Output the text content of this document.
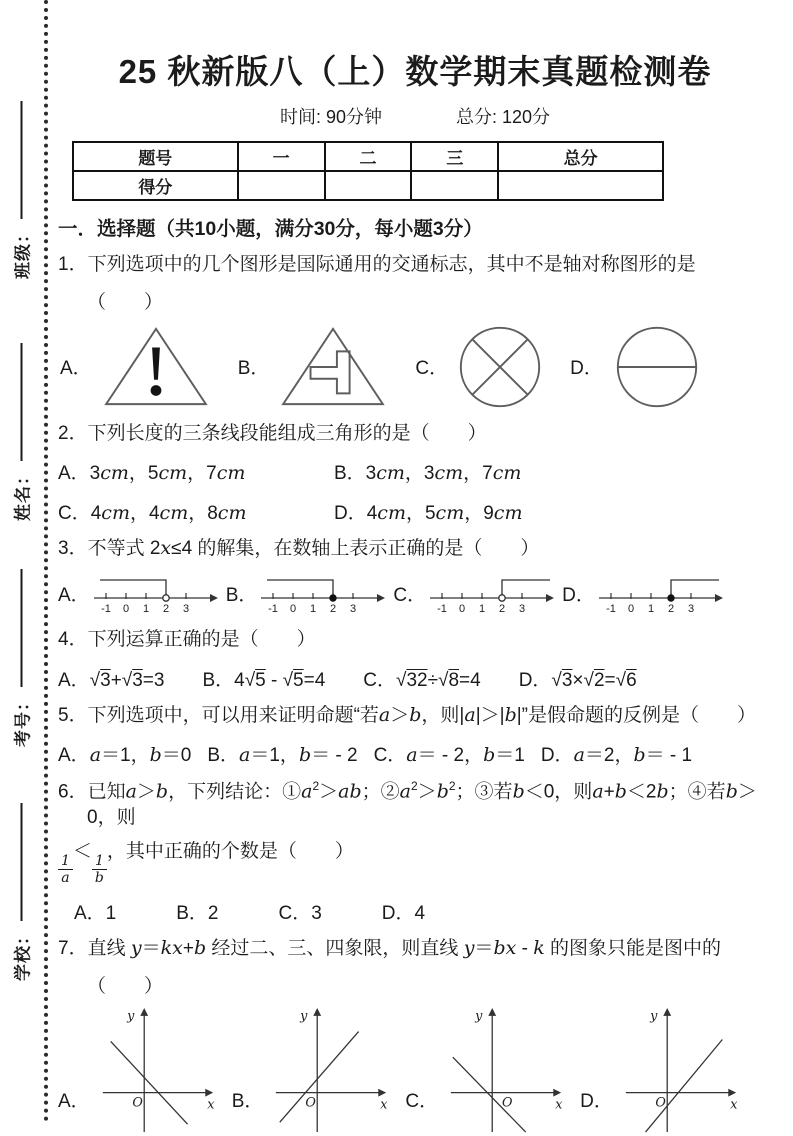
班级：
姓名：
考号：
学校：
25 秋新版八（上）数学期末真题检测卷
时间: 90分钟	总分: 120分
题号	一	二	三	总分
得分				
一．选择题（共10小题，满分30分，每小题3分）
1．下列选项中的几个图形是国际通用的交通标志，其中不是轴对称图形的是
（　　）
A．	B．	C．	D．
2．下列长度的三条线段能组成三角形的是（　　）
A．3cm，5cm，7cm	B．3cm，3cm，7cm
C．4cm，4cm，8cm	D．4cm，5cm，9cm
3．不等式 2x≤4 的解集，在数轴上表示正确的是（　　）
A．
-1 0 1 2 3
B．
-1 0 1 2 3
C．
-1 0 1 2 3
D．
-1 0 1 2 3
4．下列运算正确的是（　　）
A．√3+√3=3 B．4√5 - √5=4 C．√32÷√8=4 D．√3×√2=√6
5．下列选项中，可以用来证明命题“若a＞b，则|a|＞|b|”是假命题的反例是（　　）
A．a＝1，b＝0 B．a＝1，b＝ - 2 C．a＝ - 2，b＝1 D．a＝2，b＝ - 1
6．已知a＞b，下列结论：$①a^2>ab$；$②a^2>b^2$；③若b＜0，则a+b＜2b；④若b＞0，则
$\frac{1}{a}$
＜
$\frac{1}{b}$
，其中正确的个数是（　　）
A．1	B．2	C．3	D．4
7．直线 y＝kx+b 经过二、三、四象限，则直线 y＝bx - k 的图象只能是图中的
（　　）
A．
y
x
O	B．
y
x
O	C．
y
x
O	D．
y
x
O
